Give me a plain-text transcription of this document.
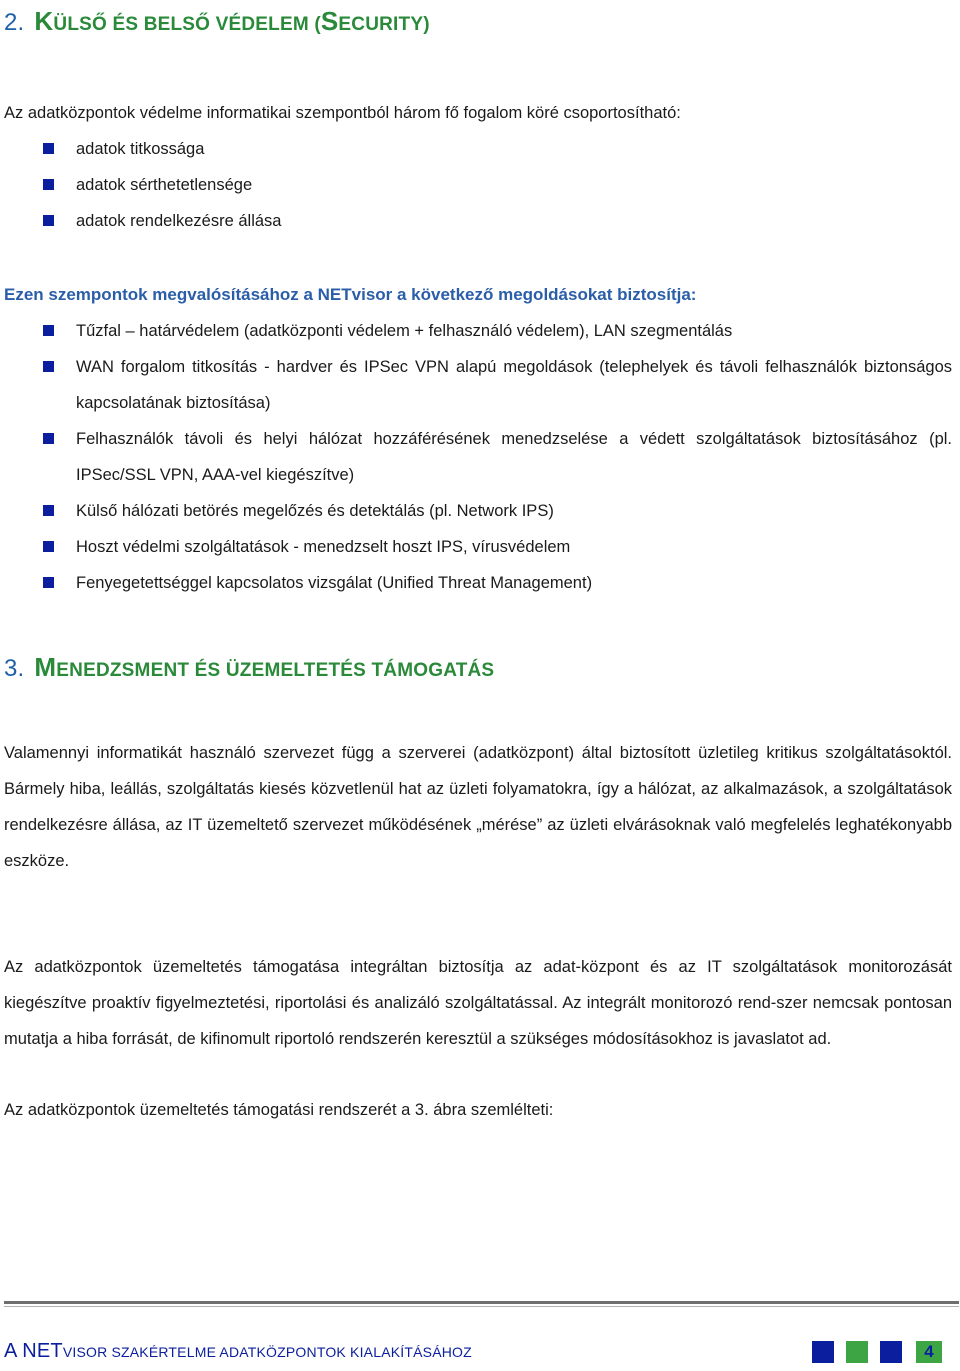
2. KÜLSŐ ÉS BELSŐ VÉDELEM (SECURITY)

Az adatközpontok védelme informatikai szempontból három fő fogalom köré csoportosítható:

adatok titkossága
adatok sérthetetlensége
adatok rendelkezésre állása

Ezen szempontok megvalósításához a NETvisor a következő megoldásokat biztosítja:

Tűzfal – határvédelem (adatközponti védelem + felhasználó védelem), LAN szegmentálás
WAN forgalom titkosítás - hardver és IPSec VPN alapú megoldások (telephelyek és távoli felhasználók biztonságos kapcsolatának biztosítása)
Felhasználók távoli és helyi hálózat hozzáférésének menedzselése a védett szolgáltatások biztosításához (pl. IPSec/SSL VPN, AAA-vel kiegészítve)
Külső hálózati betörés megelőzés és detektálás (pl. Network IPS)
Hoszt védelmi szolgáltatások - menedzselt hoszt IPS, vírusvédelem
Fenyegetettséggel kapcsolatos vizsgálat (Unified Threat Management)
3. MENEDZSMENT ÉS ÜZEMELTETÉS TÁMOGATÁS

Valamennyi informatikát használó szervezet függ a szerverei (adatközpont) által biztosított üzletileg kritikus szolgáltatásoktól. Bármely hiba, leállás, szolgáltatás kiesés közvetlenül hat az üzleti folyamatokra, így a hálózat, az alkalmazások, a szolgáltatások rendelkezésre állása, az IT üzemeltető szervezet működésének „mérése” az üzleti elvárásoknak való megfelelés leghatékonyabb eszköze.

Az adatközpontok üzemeltetés támogatása integráltan biztosítja az adat-központ és az IT szolgáltatások monitorozását kiegészítve proaktív figyelmeztetési, riportolási és analizáló szolgáltatással. Az integrált monitorozó rend-szer nemcsak pontosan mutatja a hiba forrását, de kifinomult riportoló rendszerén keresztül a szükséges módosításokhoz is javaslatot ad.

Az adatközpontok üzemeltetés támogatási rendszerét a 3. ábra szemlélteti:

A NETVISOR SZAKÉRTELME ADATKÖZPONTOK KIALAKÍTÁSÁHOZ	4
